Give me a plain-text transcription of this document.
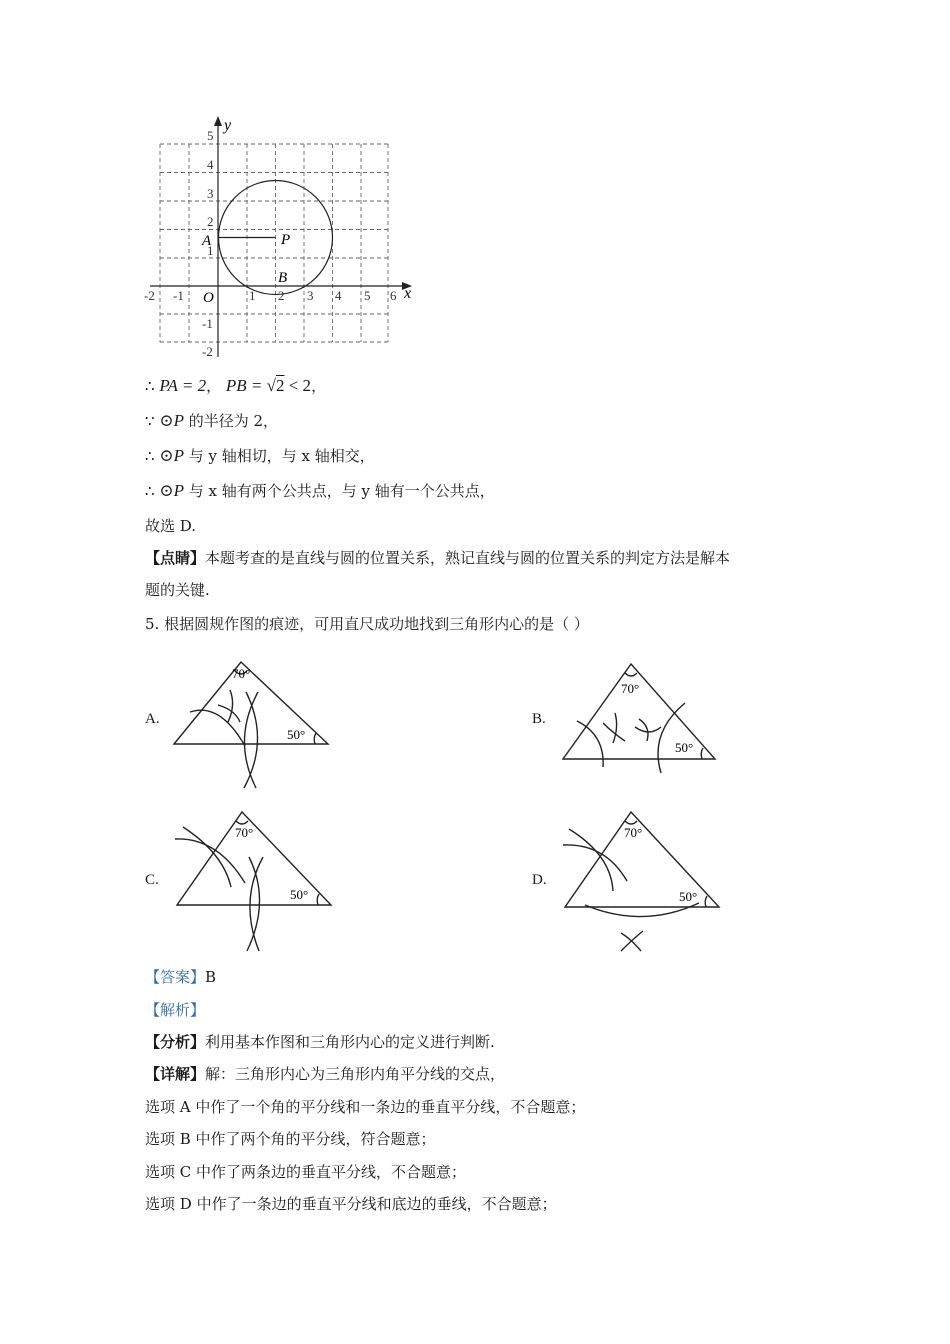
x
y
O
-2 -1	1 2 3 4 5 6
5
4
3
2
1
-1
-2
A	P
B
∴ PA = 2， PB = √2 < 2，
∵ ⊙P 的半径为 2，
∴ ⊙P 与 y 轴相切，与 x 轴相交，
∴ ⊙P 与 x 轴有两个公共点，与 y 轴有一个公共点，
故选 D.
【点睛】本题考查的是直线与圆的位置关系，熟记直线与圆的位置关系的判定方法是解本
题的关键.
5. 根据圆规作图的痕迹，可用直尺成功地找到三角形内心的是（ ）
A.
70°
50°
B.
70°
50°
C.
70°
50°
D.
70°
50°
【答案】B
【解析】
【分析】利用基本作图和三角形内心的定义进行判断.
【详解】解：三角形内心为三角形内角平分线的交点，
选项 A 中作了一个角的平分线和一条边的垂直平分线，不合题意；
选项 B 中作了两个角的平分线，符合题意；
选项 C 中作了两条边的垂直平分线，不合题意；
选项 D 中作了一条边的垂直平分线和底边的垂线，不合题意；
